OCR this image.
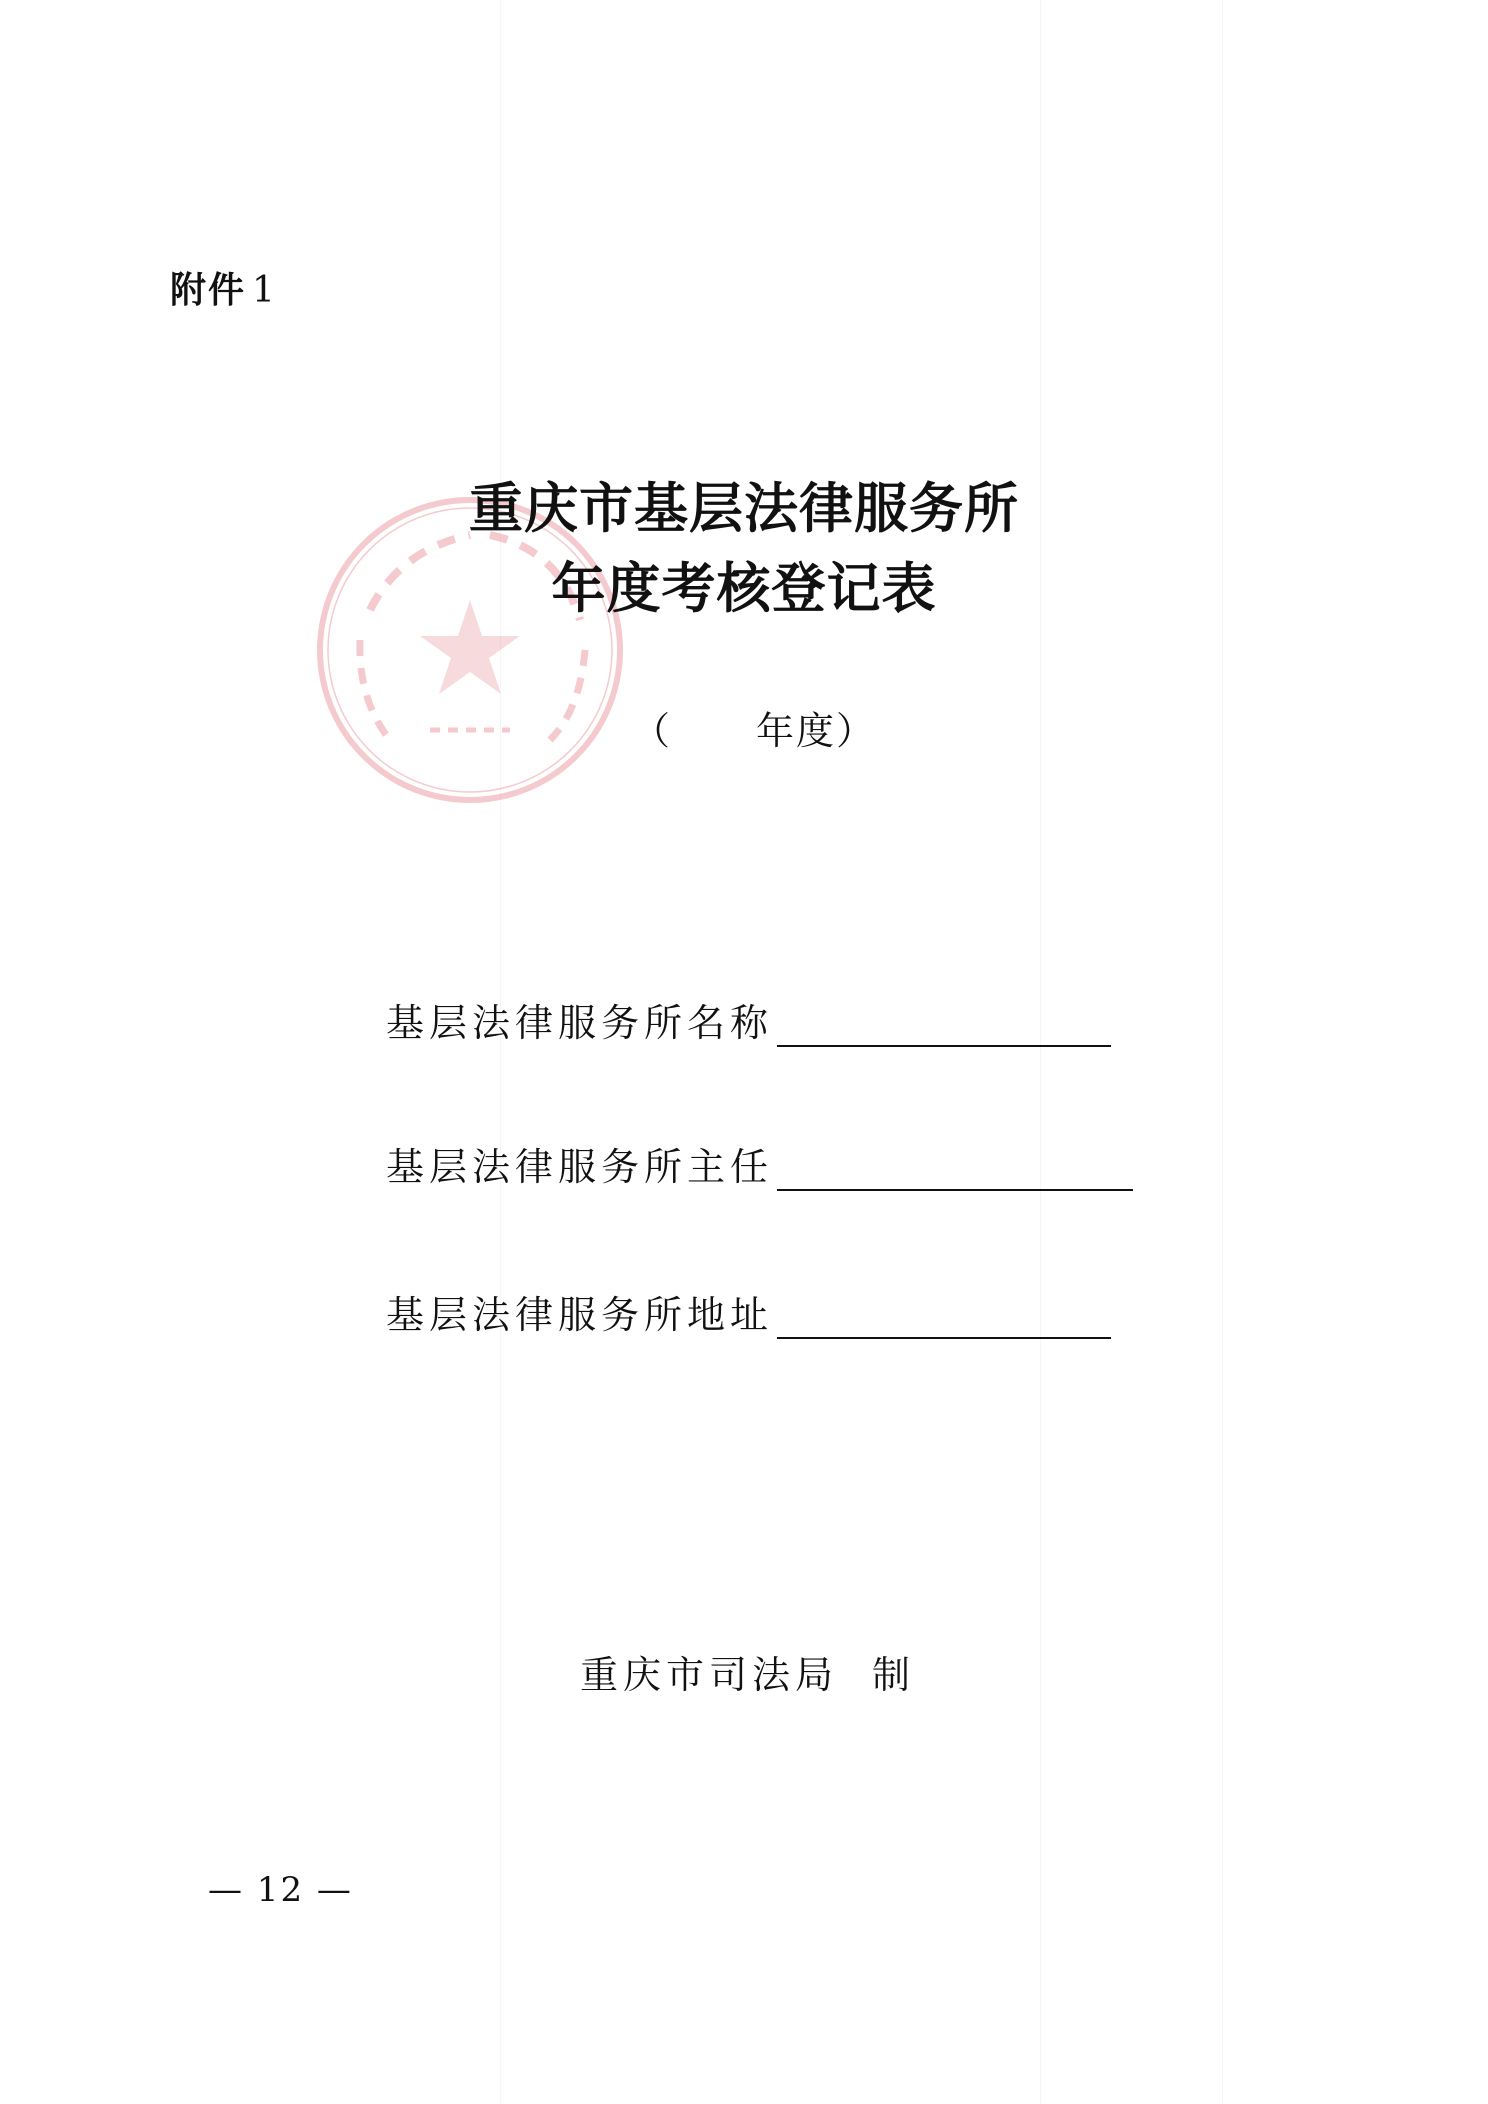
附件 1
重庆市基层法律服务所
年度考核登记表
（ 年度）
基层法律服务所名称
基层法律服务所主任
基层法律服务所地址
重庆市司法局 制
— 12 —
